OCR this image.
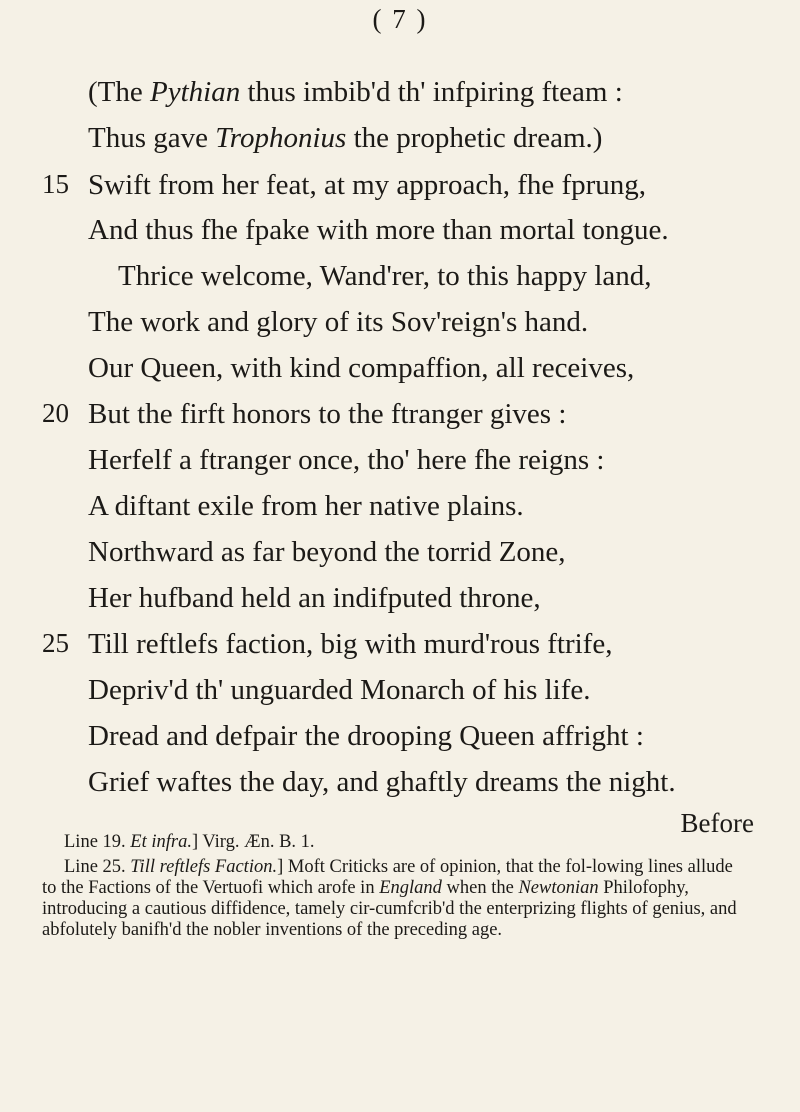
( 7 )
(The Pythian thus imbib'd th' infpiring fteam :
Thus gave Trophonius the prophetic dream.)
15 Swift from her feat, at my approach, fhe fprung,
And thus fhe fpake with more than mortal tongue.
Thrice welcome, Wand'rer, to this happy land,
The work and glory of its Sov'reign's hand.
Our Queen, with kind compaffion, all receives,
20 But the firft honors to the ftranger gives :
Herfelf a ftranger once, tho' here fhe reigns :
A diftant exile from her native plains.
Northward as far beyond the torrid Zone,
Her hufband held an indifputed throne,
25 Till reftlefs faction, big with murd'rous ftrife,
Depriv'd th' unguarded Monarch of his life.
Dread and defpair the drooping Queen affright :
Grief waftes the day, and ghaftly dreams the night.
Before

Line 19. Et infra.] Virg. Æn. B. 1.

Line 25. Till reftlefs Faction.] Moft Criticks are of opinion, that the fol-lowing lines allude to the Factions of the Vertuofi which arofe in England when the Newtonian Philofophy, introducing a cautious diffidence, tamely cir-cumfcrib'd the enterprizing flights of genius, and abfolutely banifh'd the nobler inventions of the preceding age.
